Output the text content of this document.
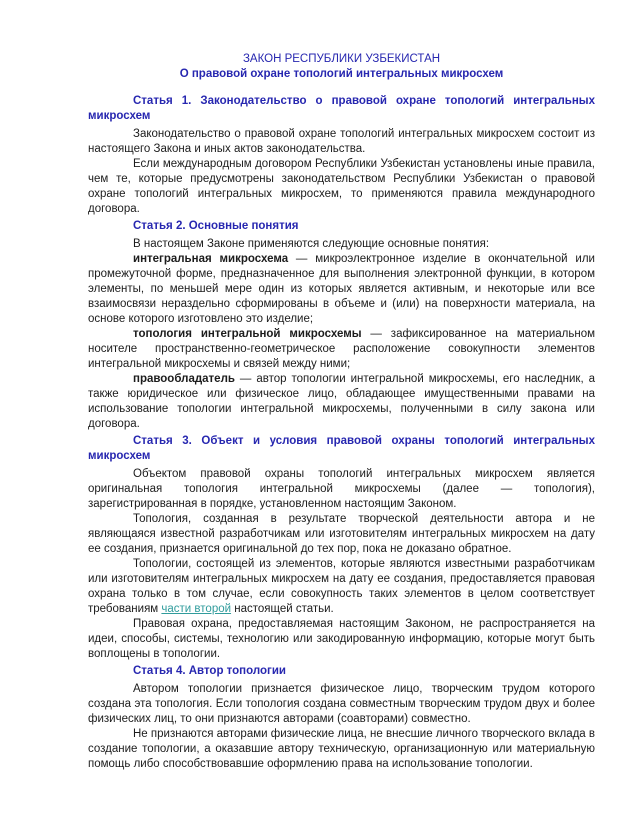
ЗАКОН РЕСПУБЛИКИ УЗБЕКИСТАН
О правовой охране топологий интегральных микросхем
Статья 1. Законодательство о правовой охране топологий интегральных микросхем

Законодательство о правовой охране топологий интегральных микросхем состоит из настоящего Закона и иных актов законодательства.

Если международным договором Республики Узбекистан установлены иные правила, чем те, которые предусмотрены законодательством Республики Узбекистан о правовой охране топологий интегральных микросхем, то применяются правила международного договора.

Статья 2. Основные понятия

В настоящем Законе применяются следующие основные понятия:

интегральная микросхема — микроэлектронное изделие в окончательной или промежуточной форме, предназначенное для выполнения электронной функции, в котором элементы, по меньшей мере один из которых является активным, и некоторые или все взаимосвязи нераздельно сформированы в объеме и (или) на поверхности материала, на основе которого изготовлено это изделие;

топология интегральной микросхемы — зафиксированное на материальном носителе пространственно-геометрическое расположение совокупности элементов интегральной микросхемы и связей между ними;

правообладатель — автор топологии интегральной микросхемы, его наследник, а также юридическое или физическое лицо, обладающее имущественными правами на использование топологии интегральной микросхемы, полученными в силу закона или договора.

Статья 3. Объект и условия правовой охраны топологий интегральных микросхем

Объектом правовой охраны топологий интегральных микросхем является оригинальная топология интегральной микросхемы (далее — топология), зарегистрированная в порядке, установленном настоящим Законом.

Топология, созданная в результате творческой деятельности автора и не являющаяся известной разработчикам или изготовителям интегральных микросхем на дату ее создания, признается оригинальной до тех пор, пока не доказано обратное.

Топологии, состоящей из элементов, которые являются известными разработчикам или изготовителям интегральных микросхем на дату ее создания, предоставляется правовая охрана только в том случае, если совокупность таких элементов в целом соответствует требованиям части второй настоящей статьи.

Правовая охрана, предоставляемая настоящим Законом, не распространяется на идеи, способы, системы, технологию или закодированную информацию, которые могут быть воплощены в топологии.

Статья 4. Автор топологии

Автором топологии признается физическое лицо, творческим трудом которого создана эта топология. Если топология создана совместным творческим трудом двух и более физических лиц, то они признаются авторами (соавторами) совместно.

Не признаются авторами физические лица, не внесшие личного творческого вклада в создание топологии, а оказавшие автору техническую, организационную или материальную помощь либо способствовавшие оформлению права на использование топологии.
